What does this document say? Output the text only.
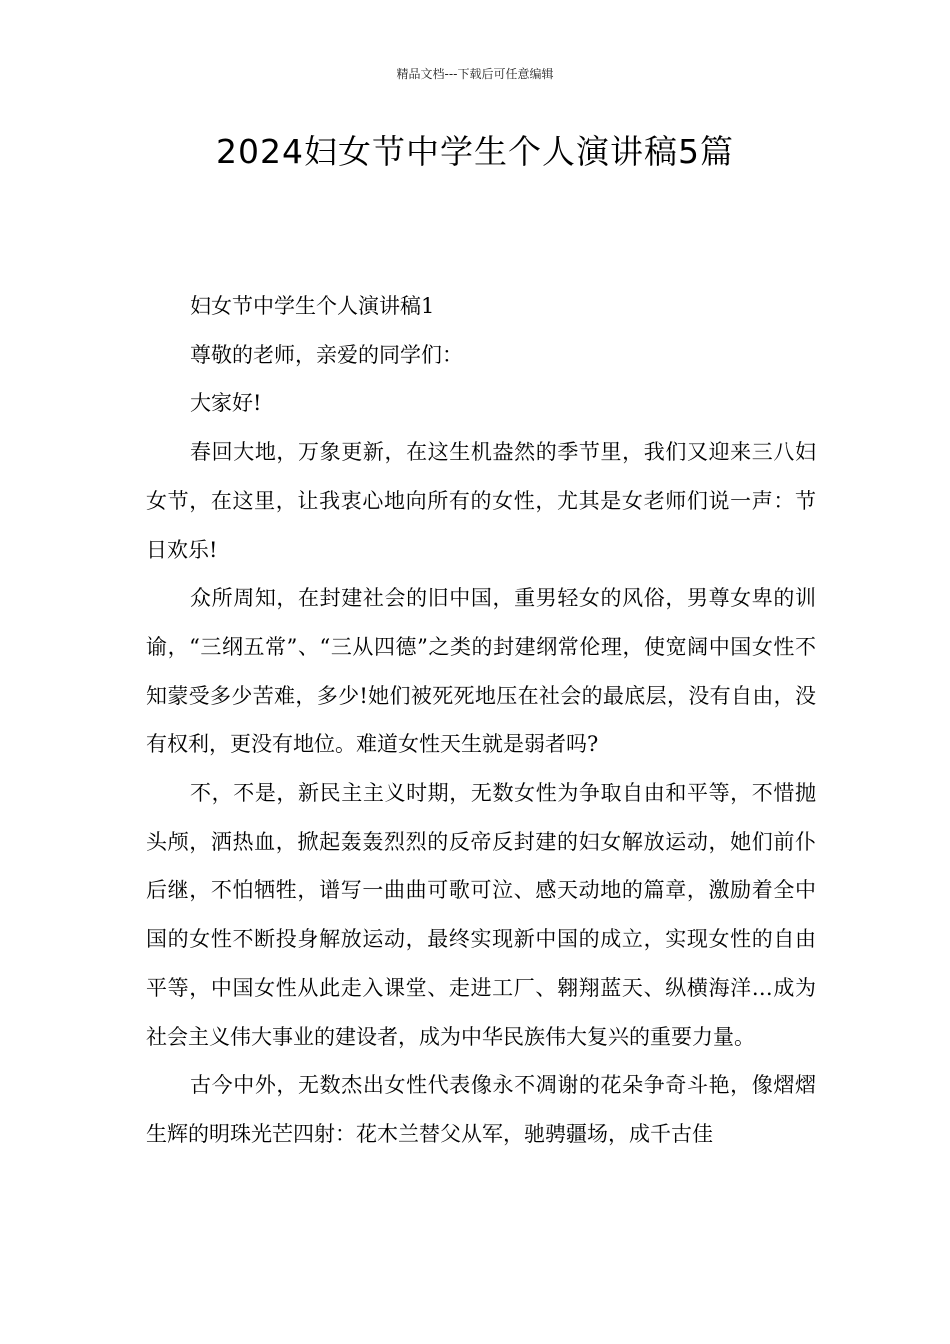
精品文档---下载后可任意编辑
2024妇女节中学生个人演讲稿5篇

妇女节中学生个人演讲稿1

尊敬的老师，亲爱的同学们：

大家好!

春回大地，万象更新，在这生机盎然的季节里，我们又迎来三八妇女节，在这里，让我衷心地向所有的女性，尤其是女老师们说一声：节日欢乐!

众所周知，在封建社会的旧中国，重男轻女的风俗，男尊女卑的训谕，“三纲五常”、“三从四德”之类的封建纲常伦理，使宽阔中国女性不知蒙受多少苦难，多少!她们被死死地压在社会的最底层，没有自由，没有权利，更没有地位。难道女性天生就是弱者吗?

不，不是，新民主主义时期，无数女性为争取自由和平等，不惜抛头颅，洒热血，掀起轰轰烈烈的反帝反封建的妇女解放运动，她们前仆后继，不怕牺牲，谱写一曲曲可歌可泣、感天动地的篇章，激励着全中国的女性不断投身解放运动，最终实现新中国的成立，实现女性的自由平等，中国女性从此走入课堂、走进工厂、翱翔蓝天、纵横海洋…成为社会主义伟大事业的建设者，成为中华民族伟大复兴的重要力量。

古今中外，无数杰出女性代表像永不凋谢的花朵争奇斗艳，像熠熠生辉的明珠光芒四射：花木兰替父从军，驰骋疆场，成千古佳
